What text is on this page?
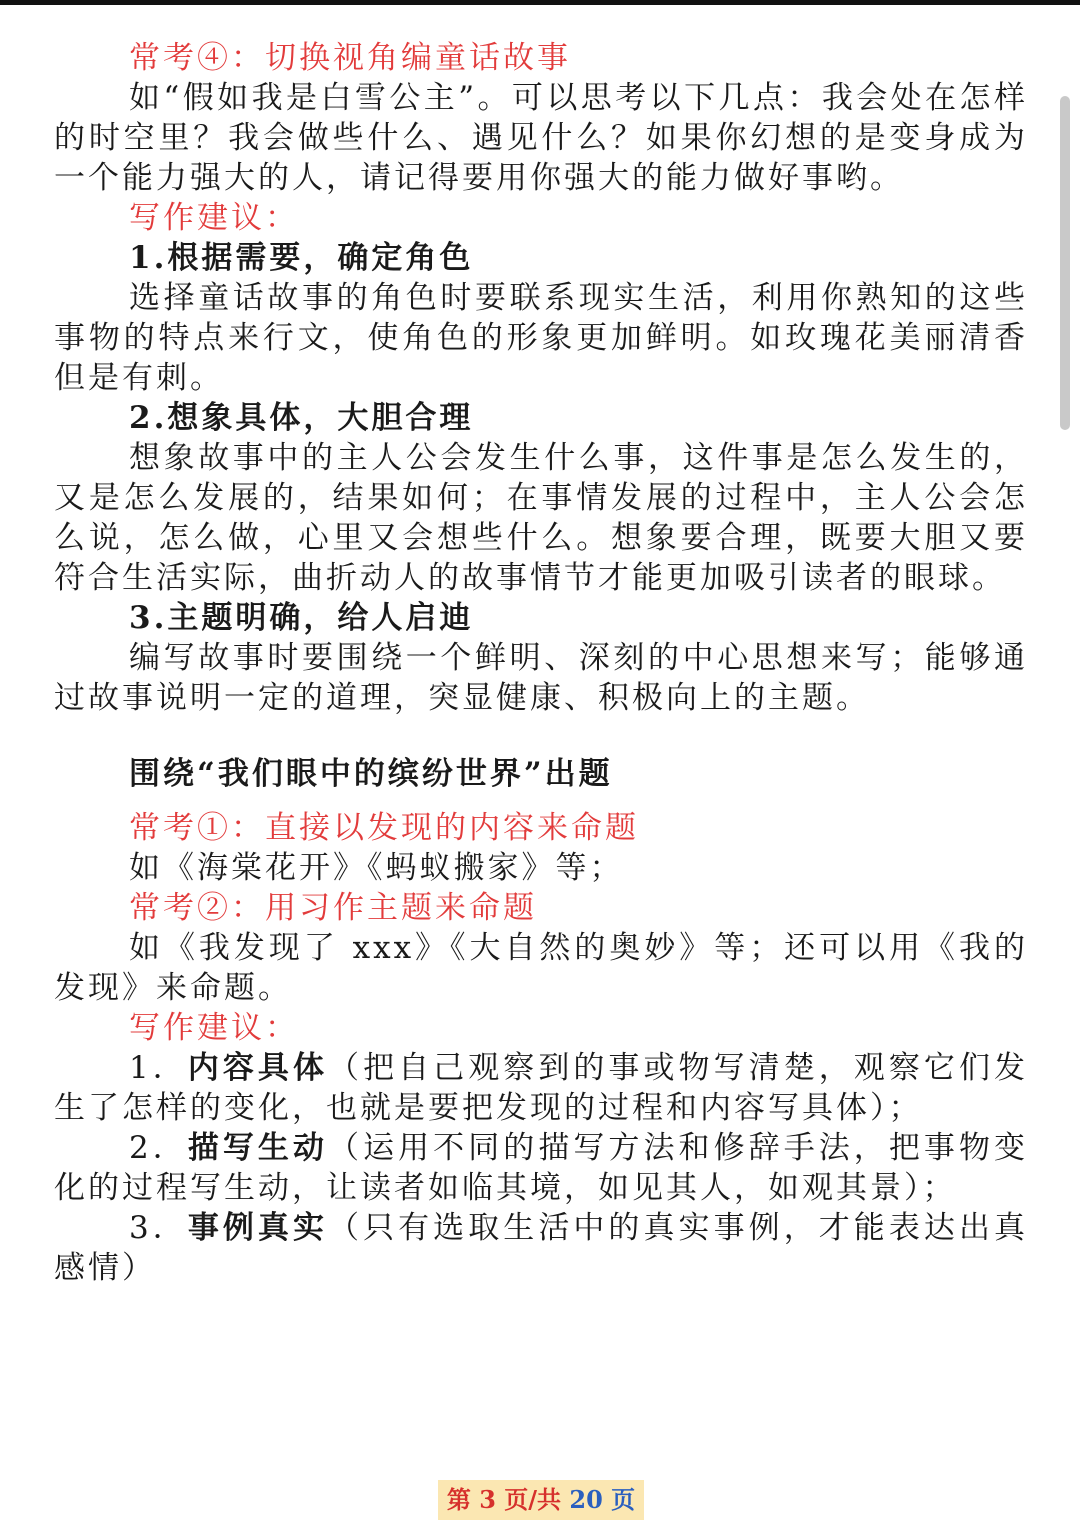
常考④：切换视角编童话故事
如“假如我是白雪公主”。可以思考以下几点：我会处在怎样的时空里？我会做些什么、遇见什么？如果你幻想的是变身成为一个能力强大的人，请记得要用你强大的能力做好事哟。
写作建议：
1.根据需要，确定角色
选择童话故事的角色时要联系现实生活，利用你熟知的这些事物的特点来行文，使角色的形象更加鲜明。如玫瑰花美丽清香但是有刺。
2.想象具体，大胆合理
想象故事中的主人公会发生什么事，这件事是怎么发生的，又是怎么发展的，结果如何；在事情发展的过程中，主人公会怎么说，怎么做，心里又会想些什么。想象要合理，既要大胆又要符合生活实际，曲折动人的故事情节才能更加吸引读者的眼球。
3.主题明确，给人启迪
编写故事时要围绕一个鲜明、深刻的中心思想来写；能够通过故事说明一定的道理，突显健康、积极向上的主题。
围绕“我们眼中的缤纷世界”出题
常考①：直接以发现的内容来命题
如《海棠花开》《蚂蚁搬家》等；
常考②：用习作主题来命题
如《我发现了 xxx》《大自然的奥妙》等；还可以用《我的发现》来命题。
写作建议：
1．内容具体（把自己观察到的事或物写清楚，观察它们发生了怎样的变化，也就是要把发现的过程和内容写具体）；
2．描写生动（运用不同的描写方法和修辞手法，把事物变化的过程写生动，让读者如临其境，如见其人，如观其景）；
3．事例真实（只有选取生活中的真实事例，才能表达出真感情）
第 3 页/共 20 页
